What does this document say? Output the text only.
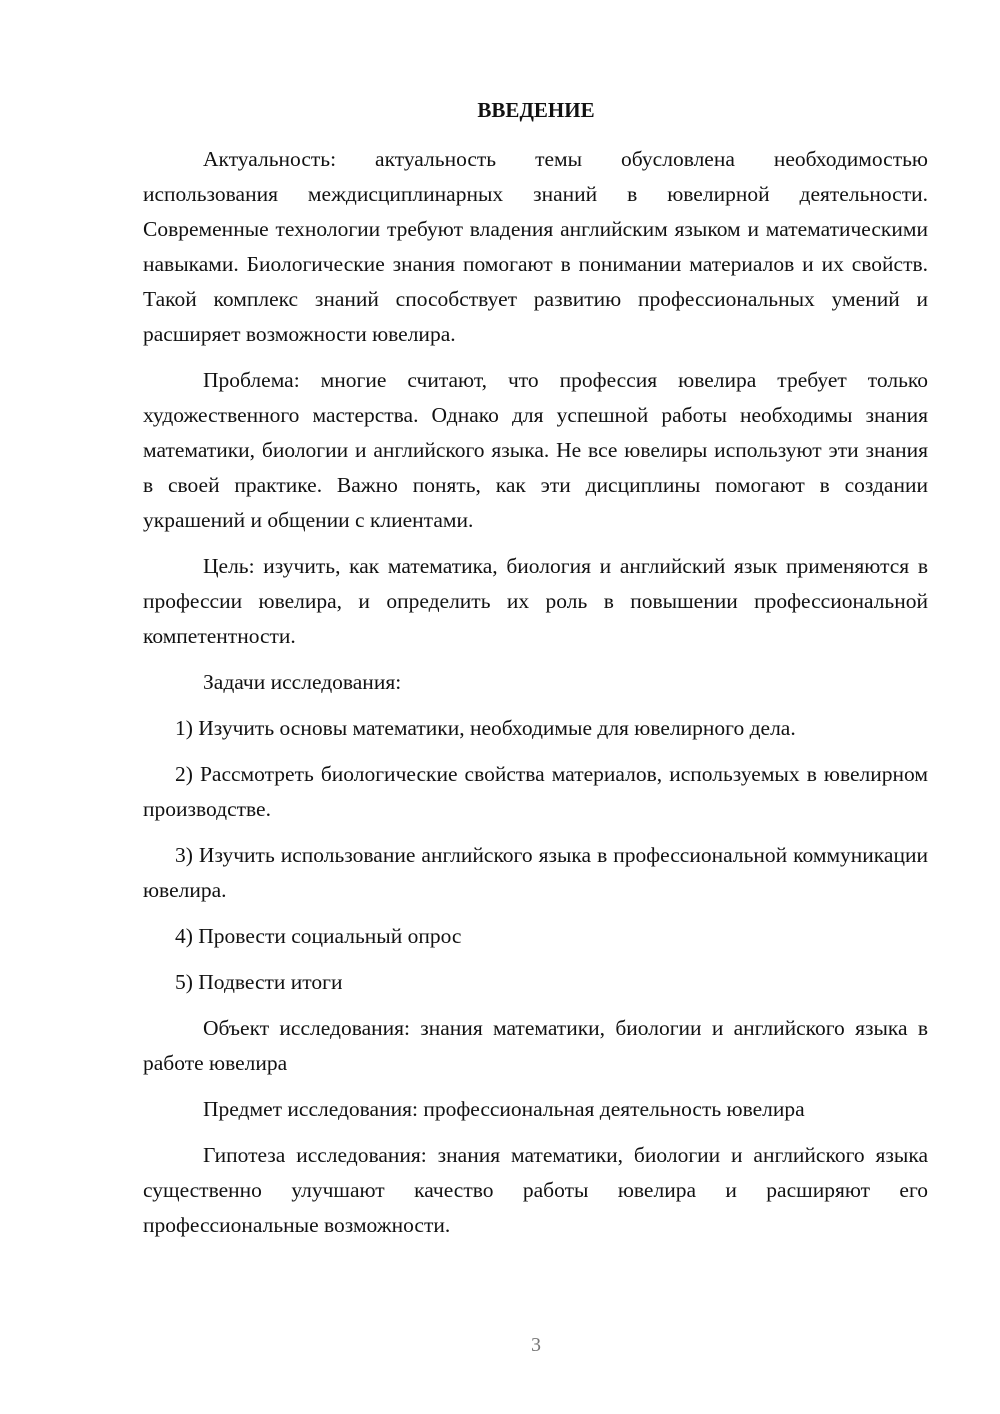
ВВЕДЕНИЕ

Актуальность: актуальность темы обусловлена необходимостью использования междисциплинарных знаний в ювелирной деятельности. Современные технологии требуют владения английским языком и математическими навыками. Биологические знания помогают в понимании материалов и их свойств. Такой комплекс знаний способствует развитию профессиональных умений и расширяет возможности ювелира.

Проблема: многие считают, что профессия ювелира требует только художественного мастерства. Однако для успешной работы необходимы знания математики, биологии и английского языка. Не все ювелиры используют эти знания в своей практике. Важно понять, как эти дисциплины помогают в создании украшений и общении с клиентами.

Цель: изучить, как математика, биология и английский язык применяются в профессии ювелира, и определить их роль в повышении профессиональной компетентности.

Задачи исследования:

1) Изучить основы математики, необходимые для ювелирного дела.

2) Рассмотреть биологические свойства материалов, используемых в ювелирном производстве.

3) Изучить использование английского языка в профессиональной коммуникации ювелира.

4) Провести социальный опрос

5) Подвести итоги

Объект исследования: знания математики, биологии и английского языка в работе ювелира

Предмет исследования: профессиональная деятельность ювелира

Гипотеза исследования: знания математики, биологии и английского языка существенно улучшают качество работы ювелира и расширяют его профессиональные возможности.

3
